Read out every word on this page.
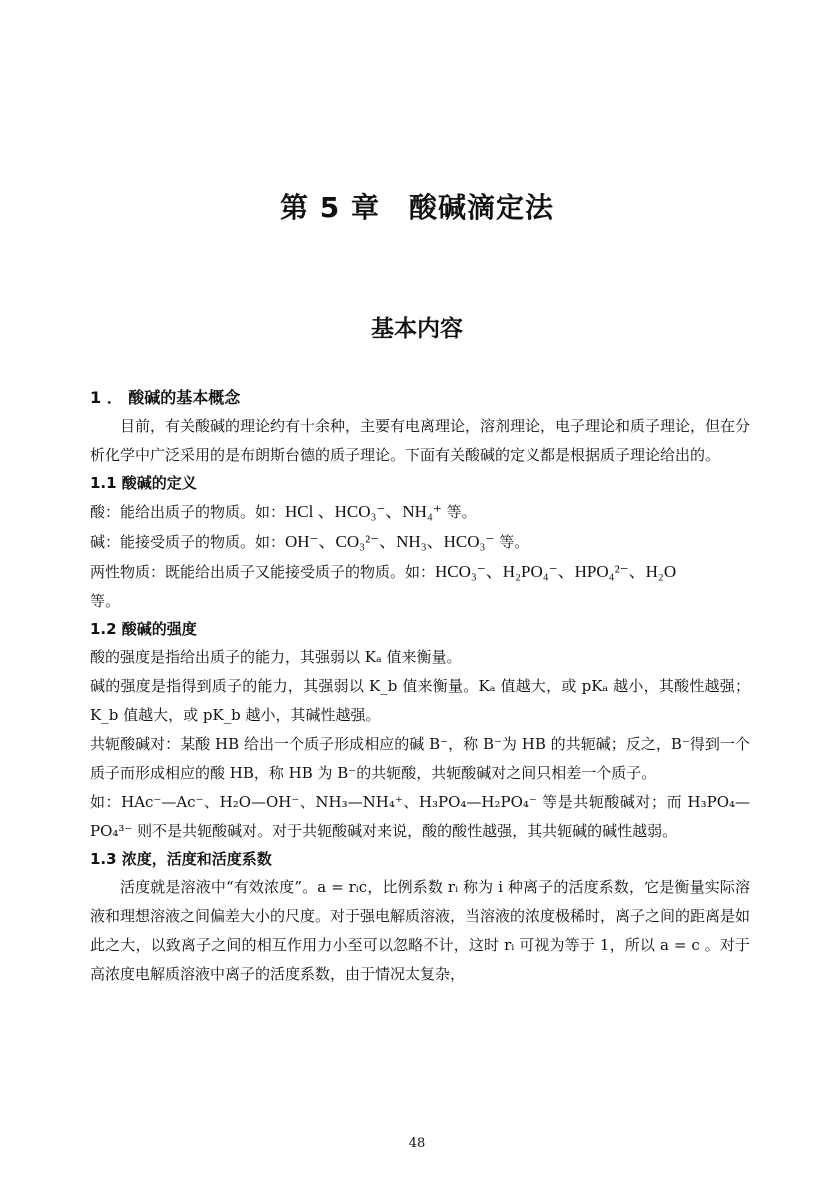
第 5 章　酸碱滴定法
基本内容
1 ． 酸碱的基本概念

目前，有关酸碱的理论约有十余种，主要有电离理论，溶剂理论，电子理论和质子理论，但在分析化学中广泛采用的是布朗斯台德的质子理论。下面有关酸碱的定义都是根据质子理论给出的。

1.1 酸碱的定义

酸：能给出质子的物质。如：HCl 、HCO₃⁻、NH₄⁺ 等。

碱：能接受质子的物质。如：OH⁻、CO₃²⁻、NH₃、HCO₃⁻ 等。

两性物质：既能给出质子又能接受质子的物质。如：HCO₃⁻、H₂PO₄⁻、HPO₄²⁻、H₂O
等。

1.2 酸碱的强度

酸的强度是指给出质子的能力，其强弱以 Kₐ 值来衡量。

碱的强度是指得到质子的能力，其强弱以 K_b 值来衡量。Kₐ 值越大，或 pKₐ 越小，其酸性越强；K_b 值越大，或 pK_b 越小，其碱性越强。

共轭酸碱对：某酸 HB 给出一个质子形成相应的碱 B⁻，称 B⁻为 HB 的共轭碱；反之，B⁻得到一个质子而形成相应的酸 HB，称 HB 为 B⁻的共轭酸，共轭酸碱对之间只相差一个质子。

如：HAc⁻—Ac⁻、H₂O—OH⁻、NH₃—NH₄⁺、H₃PO₄—H₂PO₄⁻ 等是共轭酸碱对；而 H₃PO₄—PO₄³⁻ 则不是共轭酸碱对。对于共轭酸碱对来说，酸的酸性越强，其共轭碱的碱性越弱。

1.3 浓度，活度和活度系数

活度就是溶液中“有效浓度”。a = rᵢc，比例系数 rᵢ 称为 i 种离子的活度系数，它是衡量实际溶液和理想溶液之间偏差大小的尺度。对于强电解质溶液，当溶液的浓度极稀时，离子之间的距离是如此之大，以致离子之间的相互作用力小至可以忽略不计，这时 rᵢ 可视为等于 1，所以 a = c 。对于高浓度电解质溶液中离子的活度系数，由于情况太复杂，

48
